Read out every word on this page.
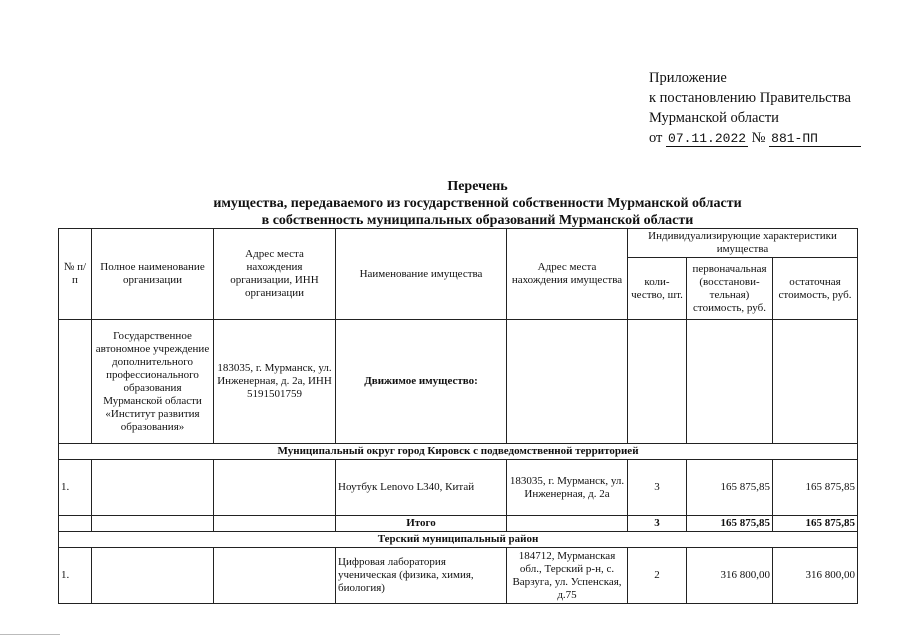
Приложение
к постановлению Правительства
Мурманской области
от 07.11.2022 № 881-ПП
Перечень
имущества, передаваемого из государственной собственности Мурманской области
в собственность муниципальных образований Мурманской области
№ п/п	Полное наименование организации	Адрес места нахождения организации, ИНН организации	Наименование имущества	Адрес места нахождения имущества	Индивидуализирующие характеристики имущества		
					коли-чество, шт.	первоначальная (восстанови-тельная) стоимость, руб.	остаточная стоимость, руб.
	Государственное автономное учреждение дополнительного профессионального образования Мурманской области «Институт развития образования»	183035, г. Мурманск, ул. Инженерная, д. 2а, ИНН 5191501759	Движимое имущество:				
Муниципальный округ город Кировск с подведомственной территорией							
1.			Ноутбук Lenovo L340, Китай	183035, г. Мурманск, ул. Инженерная, д. 2а	3	165 875,85	165 875,85
			Итого		3	165 875,85	165 875,85
Терский муниципальный район							
1.			Цифровая лаборатория ученическая (физика, химия, биология)	184712, Мурманская обл., Терский р-н, с. Варзуга, ул. Успенская, д.75	2	316 800,00	316 800,00
